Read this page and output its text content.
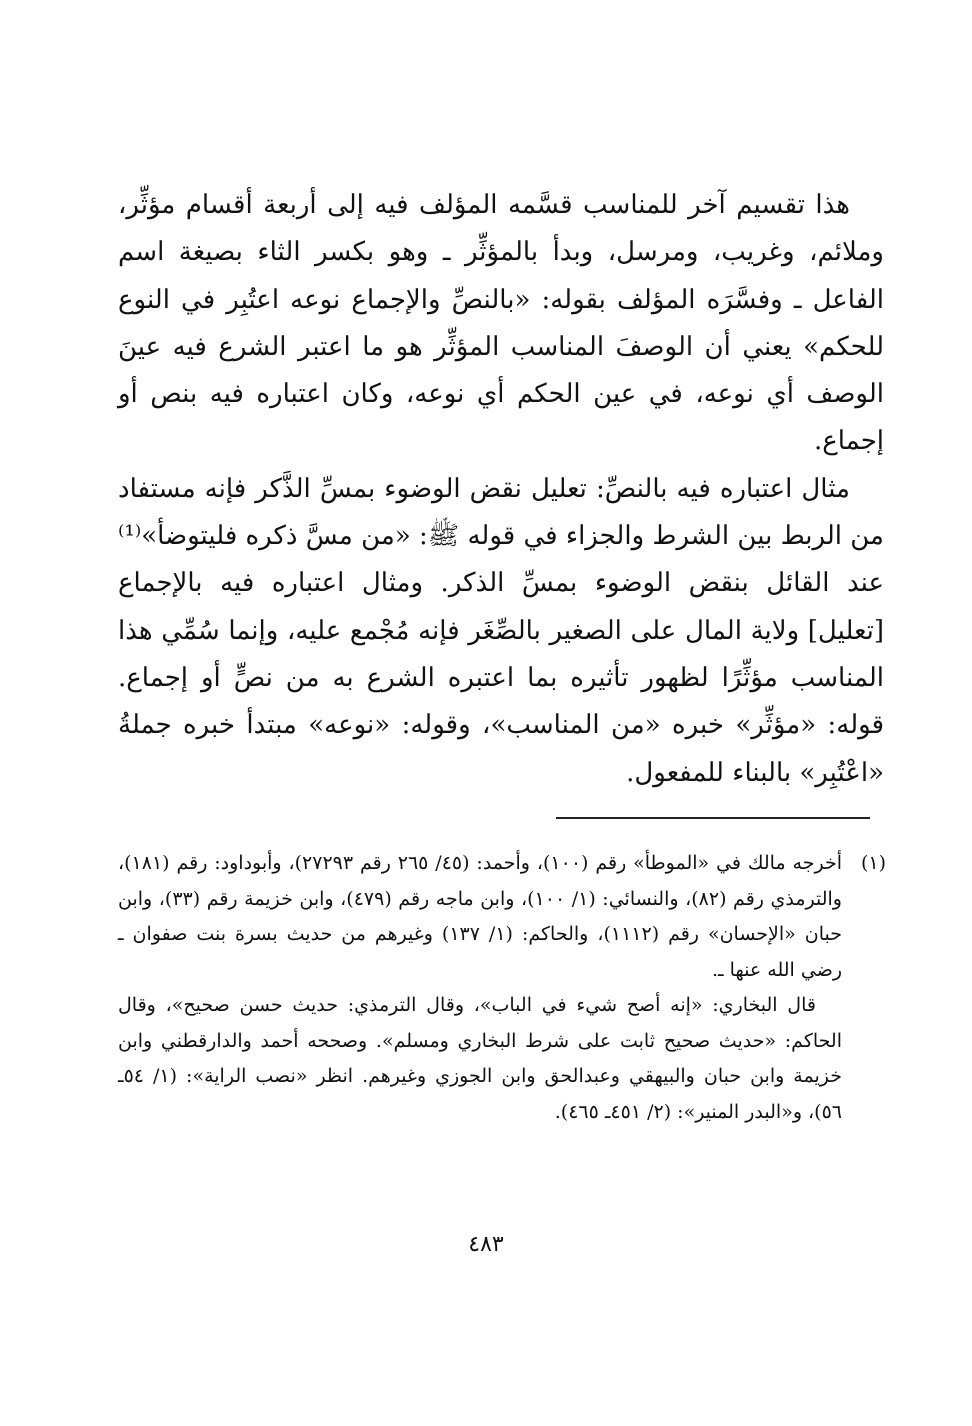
هذا تقسيم آخر للمناسب قسَّمه المؤلف فيه إلى أربعة أقسام مؤثِّر، وملائم، وغريب، ومرسل، وبدأ بالمؤثِّر ـ وهو بكسر الثاء بصيغة اسم الفاعل ـ وفسَّرَه المؤلف بقوله: «بالنصِّ والإجماع نوعه اعتُبِر في النوع للحكم» يعني أن الوصفَ المناسب المؤثِّر هو ما اعتبر الشرع فيه عينَ الوصف أي نوعه، في عين الحكم أي نوعه، وكان اعتباره فيه بنص أو إجماع.

مثال اعتباره فيه بالنصِّ: تعليل نقض الوضوء بمسِّ الذَّكر فإنه مستفاد من الربط بين الشرط والجزاء في قوله ﷺ: «من مسَّ ذكره فليتوضأ»⁽¹⁾ عند القائل بنقض الوضوء بمسِّ الذكر. ومثال اعتباره فيه بالإجماع [تعليل] ولاية المال على الصغير بالصِّغَر فإنه مُجْمع عليه، وإنما سُمِّي هذا المناسب مؤثِّرًا لظهور تأثيره بما اعتبره الشرع به من نصٍّ أو إجماع. قوله: «مؤثِّر» خبره «من المناسب»، وقوله: «نوعه» مبتدأ خبره جملةُ «اعْتُبِر» بالبناء للمفعول.

(١)

أخرجه مالك في «الموطأ» رقم (١٠٠)، وأحمد: (٤٥/ ٢٦٥ رقم ٢٧٢٩٣)، وأبوداود: رقم (١٨١)، والترمذي رقم (٨٢)، والنسائي: (١/ ١٠٠)، وابن ماجه رقم (٤٧٩)، وابن خزيمة رقم (٣٣)، وابن حبان «الإحسان» رقم (١١١٢)، والحاكم: (١/ ١٣٧) وغيرهم من حديث بسرة بنت صفوان ـ رضي الله عنها ـ.

قال البخاري: «إنه أصح شيء في الباب»، وقال الترمذي: حديث حسن صحيح»، وقال الحاكم: «حديث صحيح ثابت على شرط البخاري ومسلم». وصححه أحمد والدارقطني وابن خزيمة وابن حبان والبيهقي وعبدالحق وابن الجوزي وغيرهم. انظر «نصب الراية»: (١/ ٥٤ـ ٥٦)، و«البدر المنير»: (٢/ ٤٥١ـ ٤٦٥).

٤٨٣
